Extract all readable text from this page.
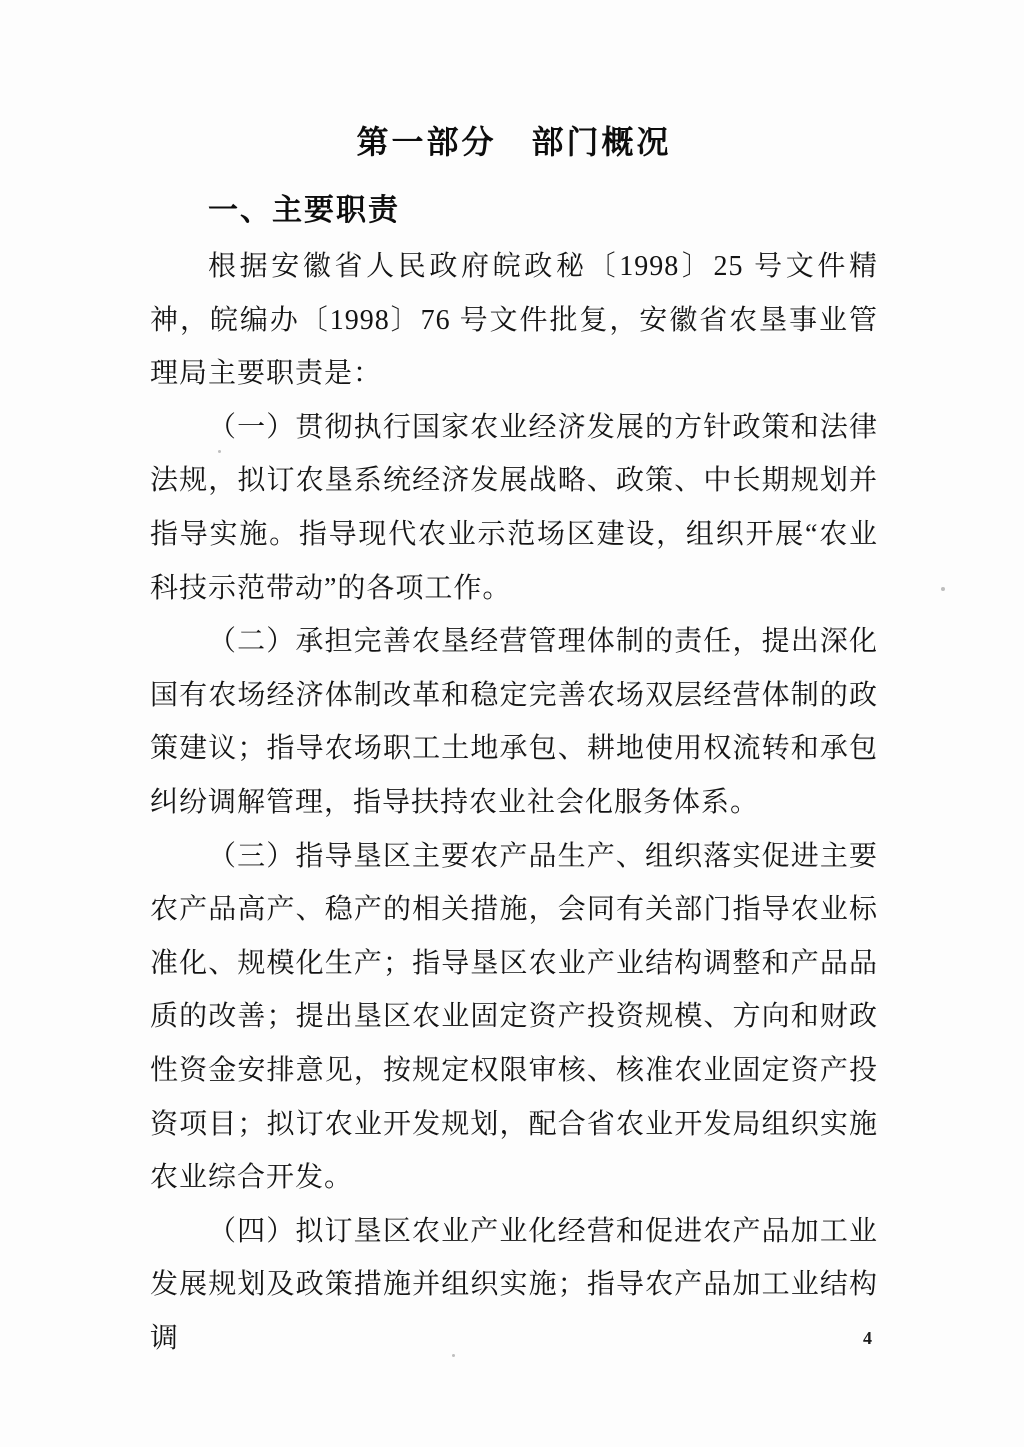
第一部分　部门概况
一、主要职责

根据安徽省人民政府皖政秘〔1998〕25 号文件精神，皖编办〔1998〕76 号文件批复，安徽省农垦事业管理局主要职责是：

（一）贯彻执行国家农业经济发展的方针政策和法律法规，拟订农垦系统经济发展战略、政策、中长期规划并指导实施。指导现代农业示范场区建设，组织开展“农业科技示范带动”的各项工作。

（二）承担完善农垦经营管理体制的责任，提出深化国有农场经济体制改革和稳定完善农场双层经营体制的政策建议；指导农场职工土地承包、耕地使用权流转和承包纠纷调解管理，指导扶持农业社会化服务体系。

（三）指导垦区主要农产品生产、组织落实促进主要农产品高产、稳产的相关措施，会同有关部门指导农业标准化、规模化生产；指导垦区农业产业结构调整和产品品质的改善；提出垦区农业固定资产投资规模、方向和财政性资金安排意见，按规定权限审核、核准农业固定资产投资项目；拟订农业开发规划，配合省农业开发局组织实施农业综合开发。

（四）拟订垦区农业产业化经营和促进农产品加工业发展规划及政策措施并组织实施；指导农产品加工业结构调	4
